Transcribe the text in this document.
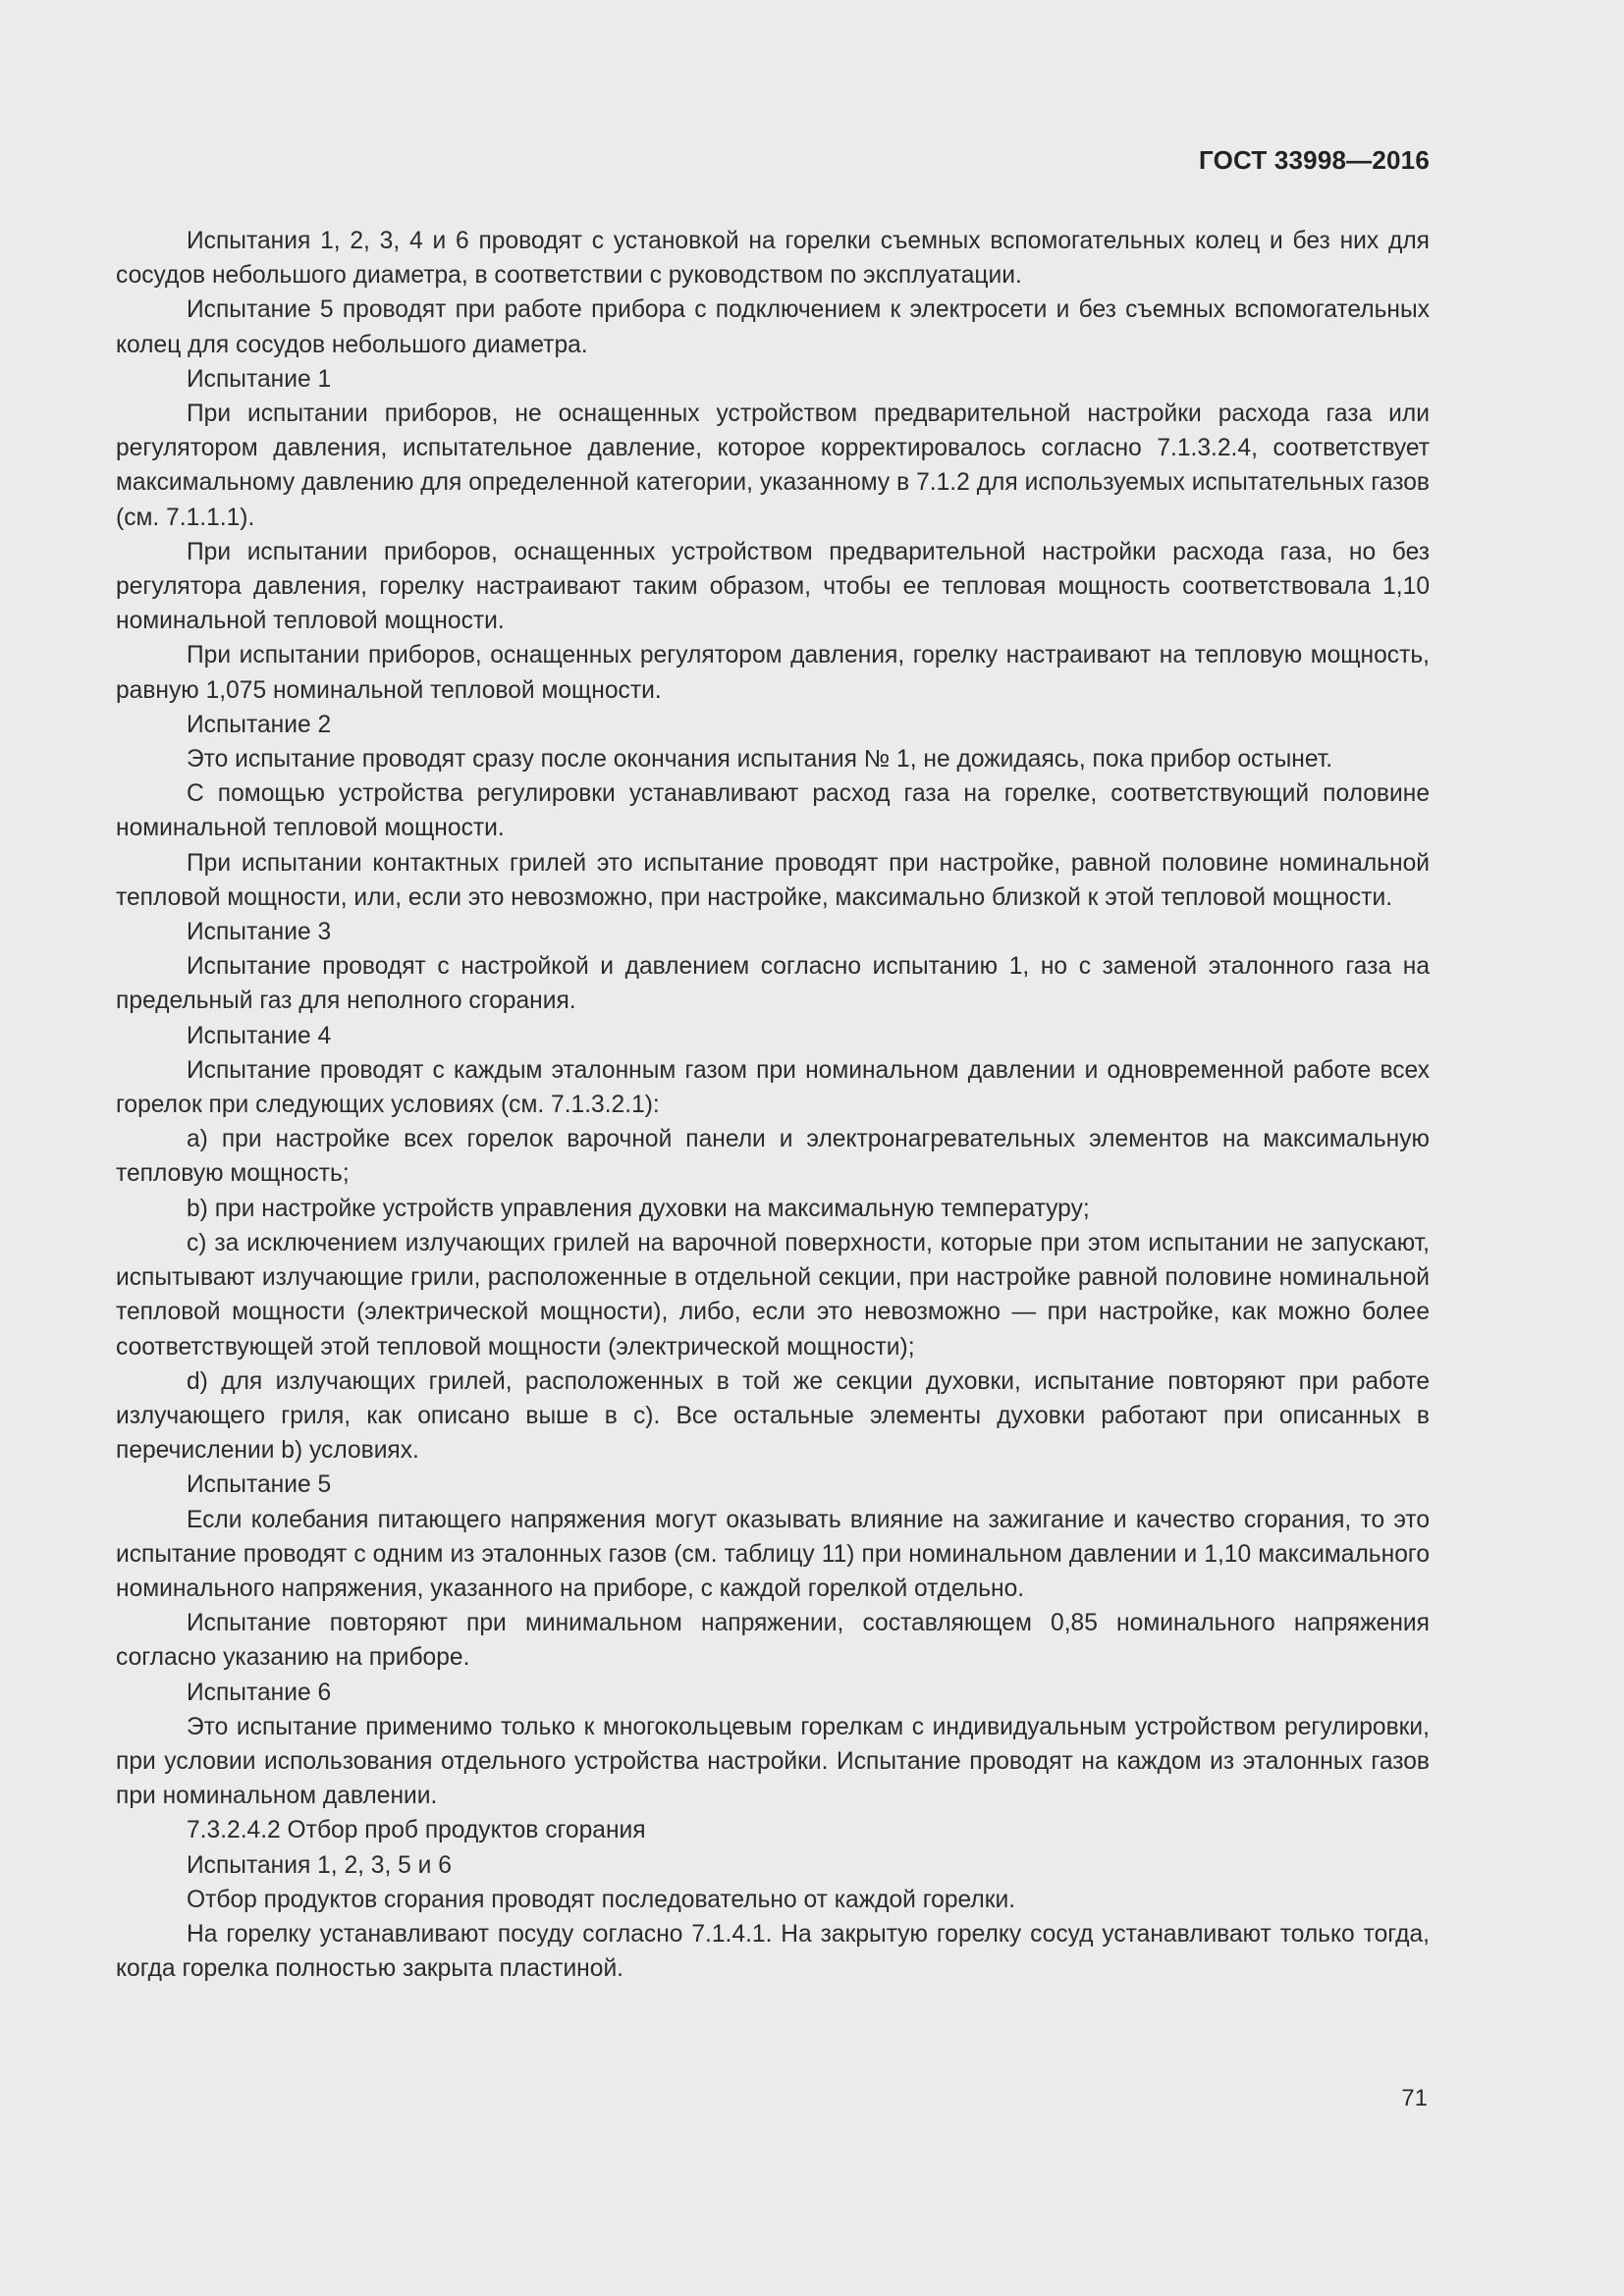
ГОСТ 33998—2016

Испытания 1, 2, 3, 4 и 6 проводят с установкой на горелки съемных вспомогательных колец и без них для сосудов небольшого диаметра, в соответствии с руководством по эксплуатации.

Испытание 5 проводят при работе прибора с подключением к электросети и без съемных вспомогательных колец для сосудов небольшого диаметра.

Испытание 1

При испытании приборов, не оснащенных устройством предварительной настройки расхода газа или регулятором давления, испытательное давление, которое корректировалось согласно 7.1.3.2.4, соответствует максимальному давлению для определенной категории, указанному в 7.1.2 для используемых испытательных газов (см. 7.1.1.1).

При испытании приборов, оснащенных устройством предварительной настройки расхода газа, но без регулятора давления, горелку настраивают таким образом, чтобы ее тепловая мощность соответствовала 1,10 номинальной тепловой мощности.

При испытании приборов, оснащенных регулятором давления, горелку настраивают на тепловую мощность, равную 1,075 номинальной тепловой мощности.

Испытание 2

Это испытание проводят сразу после окончания испытания № 1, не дожидаясь, пока прибор остынет.

С помощью устройства регулировки устанавливают расход газа на горелке, соответствующий половине номинальной тепловой мощности.

При испытании контактных грилей это испытание проводят при настройке, равной половине номинальной тепловой мощности, или, если это невозможно, при настройке, максимально близкой к этой тепловой мощности.

Испытание 3

Испытание проводят с настройкой и давлением согласно испытанию 1, но с заменой эталонного газа на предельный газ для неполного сгорания.

Испытание 4

Испытание проводят с каждым эталонным газом при номинальном давлении и одновременной работе всех горелок при следующих условиях (см. 7.1.3.2.1):

a) при настройке всех горелок варочной панели и электронагревательных элементов на максимальную тепловую мощность;

b) при настройке устройств управления духовки на максимальную температуру;

c) за исключением излучающих грилей на варочной поверхности, которые при этом испытании не запускают, испытывают излучающие грили, расположенные в отдельной секции, при настройке равной половине номинальной тепловой мощности (электрической мощности), либо, если это невозможно — при настройке, как можно более соответствующей этой тепловой мощности (электрической мощности);

d) для излучающих грилей, расположенных в той же секции духовки, испытание повторяют при работе излучающего гриля, как описано выше в с). Все остальные элементы духовки работают при описанных в перечислении b) условиях.

Испытание 5

Если колебания питающего напряжения могут оказывать влияние на зажигание и качество сгорания, то это испытание проводят с одним из эталонных газов (см. таблицу 11) при номинальном давлении и 1,10 максимального номинального напряжения, указанного на приборе, с каждой горелкой отдельно.

Испытание повторяют при минимальном напряжении, составляющем 0,85 номинального напряжения согласно указанию на приборе.

Испытание 6

Это испытание применимо только к многокольцевым горелкам с индивидуальным устройством регулировки, при условии использования отдельного устройства настройки. Испытание проводят на каждом из эталонных газов при номинальном давлении.

7.3.2.4.2 Отбор проб продуктов сгорания

Испытания 1, 2, 3, 5 и 6

Отбор продуктов сгорания проводят последовательно от каждой горелки.

На горелку устанавливают посуду согласно 7.1.4.1. На закрытую горелку сосуд устанавливают только тогда, когда горелка полностью закрыта пластиной.

71
